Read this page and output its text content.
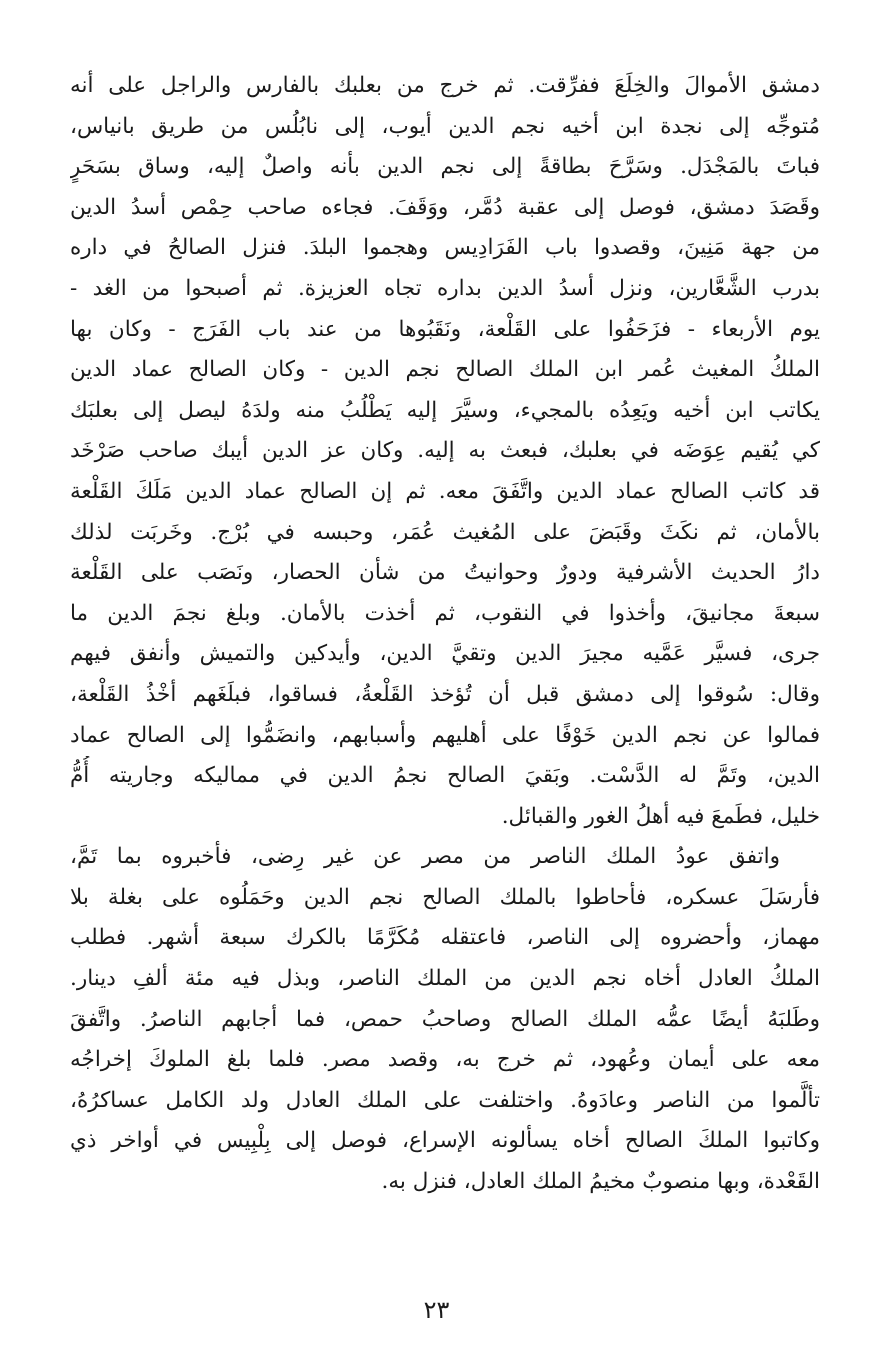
دمشق الأموالَ والخِلَعَ ففرِّقت. ثم خرج من بعلبك بالفارس والراجل على أنه
مُتوجِّه إلى نجدة ابن أخيه نجم الدين أيوب، إلى نابُلُس من طريق بانياس،
فباتَ بالمَجْدَل. وسَرَّحَ بطاقةً إلى نجم الدين بأنه واصلٌ إليه، وساق بسَحَرٍ
وقَصَدَ دمشق، فوصل إلى عقبة دُمَّر، ووَقَفَ. فجاءه صاحب حِمْص أسدُ الدين
من جهة مَنِينَ، وقصدوا باب الفَرَادِيس وهجموا البلدَ. فنزل الصالحُ في داره
بدرب الشَّعَّارين، ونزل أسدُ الدين بداره تجاه العزيزة. ثم أصبحوا من الغد -
يوم الأربعاء - فزَحَفُوا على القَلْعة، ونَقَبُوها من عند باب الفَرَج - وكان بها
الملكُ المغيث عُمر ابن الملك الصالح نجم الدين - وكان الصالح عماد الدين
يكاتب ابن أخيه ويَعِدُه بالمجيء، وسيَّرَ إليه يَطْلُبُ منه ولدَهُ ليصل إلى بعلبَك
كي يُقيم عِوَضَه في بعلبك، فبعث به إليه. وكان عز الدين أيبك صاحب صَرْخَد
قد كاتب الصالح عماد الدين واتَّفَقَ معه. ثم إن الصالح عماد الدين مَلَكَ القَلْعة
بالأمان، ثم نكَثَ وقَبَضَ على المُغيث عُمَر، وحبسه في بُرْج. وخَربَت لذلك
دارُ الحديث الأشرفية ودورٌ وحوانيتُ من شأن الحصار، ونَصَب على القَلْعة
سبعةَ مجانيقَ، وأخذوا في النقوب، ثم أخذت بالأمان. وبلغ نجمَ الدين ما
جرى، فسيَّر عَمَّيه مجيرَ الدين وتقيَّ الدين، وأيدكين والتميش وأنفق فيهم
وقال: سُوقوا إلى دمشق قبل أن تُؤخذ القَلْعةُ، فساقوا، فبلَغَهم أخْذُ القَلْعة،
فمالوا عن نجم الدين خَوْفًا على أهليهم وأسبابهم، وانضَمُّوا إلى الصالح عماد
الدين، وتَمَّ له الدَّسْت. وبَقيَ الصالح نجمُ الدين في مماليكه وجاريته أُمُّ
خليل، فطَمعَ فيه أهلُ الغور والقبائل.
واتفق عودُ الملك الناصر من مصر عن غير رِضى، فأخبروه بما تَمَّ،
فأرسَلَ عسكره، فأحاطوا بالملك الصالح نجم الدين وحَمَلُوه على بغلة بلا
مهماز، وأحضروه إلى الناصر، فاعتقله مُكَرَّمًا بالكرك سبعة أشهر. فطلب
الملكُ العادل أخاه نجم الدين من الملك الناصر، وبذل فيه مئة ألفِ دينار.
وطَلبَهُ أيضًا عمُّه الملك الصالح وصاحبُ حمص، فما أجابهم الناصرُ. واتَّفقَ
معه على أيمان وعُهود، ثم خرج به، وقصد مصر. فلما بلغ الملوكَ إخراجُه
تألَّموا من الناصر وعادَوهُ. واختلفت على الملك العادل ولد الكامل عساكرُهُ،
وكاتبوا الملكَ الصالح أخاه يسألونه الإسراع، فوصل إلى بِلْبِيس في أواخر ذي
القَعْدة، وبها منصوبٌ مخيمُ الملك العادل، فنزل به.
٢٣
